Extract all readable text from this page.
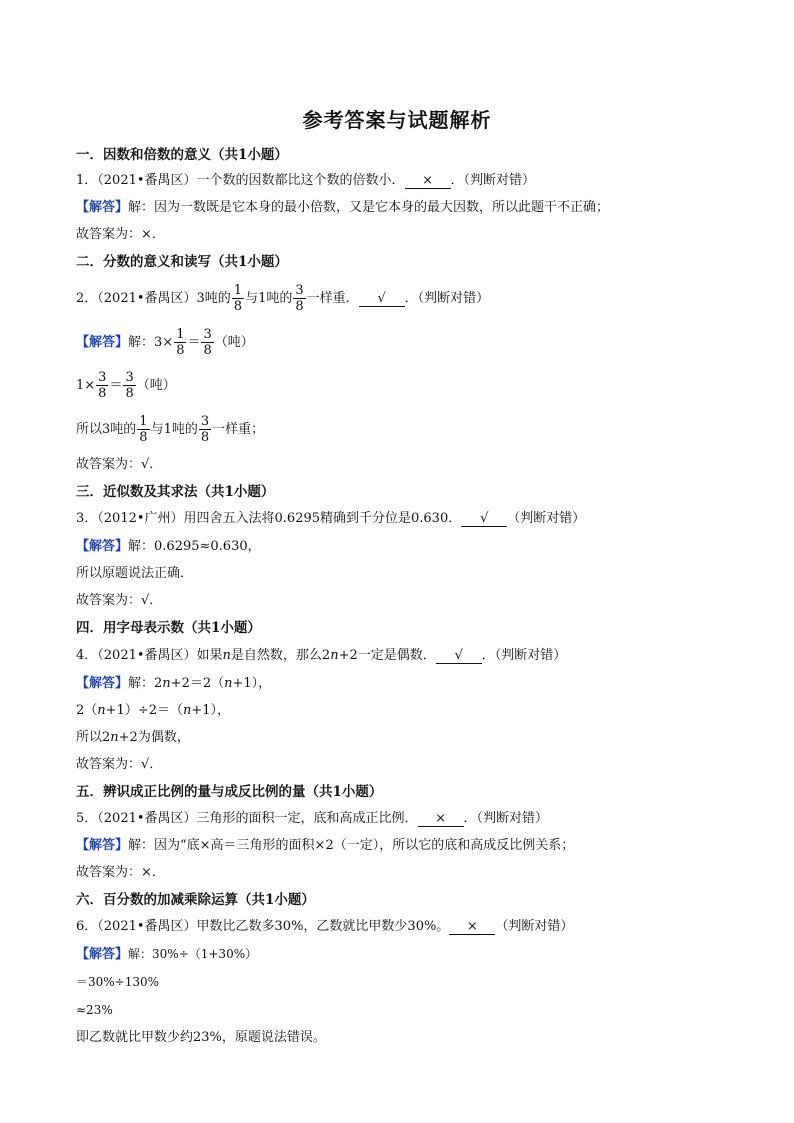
参考答案与试题解析
一．因数和倍数的意义（共1小题）
1．（2021•番禺区）一个数的因数都比这个数的倍数小． × ．（判断对错）
【解答】解：因为一数既是它本身的最小倍数，又是它本身的最大因数，所以此题干不正确；
故答案为：×．
二．分数的意义和读写（共1小题）
2．（2021•番禺区）3吨的 $\frac{1}{8}$ 与1吨的 $\frac{3}{8}$ 一样重． √ ．（判断对错）
【解答】解：$3\times \frac{1}{8} = \frac{3}{8}$ （吨）
$1\times \frac{3}{8} = \frac{3}{8}$ （吨）
所以3吨的 $\frac{1}{8}$ 与1吨的 $\frac{3}{8}$ 一样重；
故答案为：√．
三．近似数及其求法（共1小题）
3．（2012•广州）用四舍五入法将0.6295精确到千分位是0.630． √ （判断对错）
【解答】解：0.6295≈0.630，
所以原题说法正确．
故答案为：√．
四．用字母表示数（共1小题）
4．（2021•番禺区）如果n是自然数，那么2n+2一定是偶数． √ ．（判断对错）
【解答】解：2n+2＝2（n+1），
2（n+1）÷2＝（n+1），
所以2n+2为偶数，
故答案为：√．
五．辨识成正比例的量与成反比例的量（共1小题）
5．（2021•番禺区）三角形的面积一定，底和高成正比例． × ．（判断对错）
【解答】解：因为“底×高＝三角形的面积×2（一定），所以它的底和高成反比例关系；
故答案为：×．
六．百分数的加减乘除运算（共1小题）
6．（2021•番禺区）甲数比乙数多30%，乙数就比甲数少30%。 × （判断对错）
【解答】解：30%÷（1+30%）
＝30%÷130%
≈23%
即乙数就比甲数少约23%，原题说法错误。
